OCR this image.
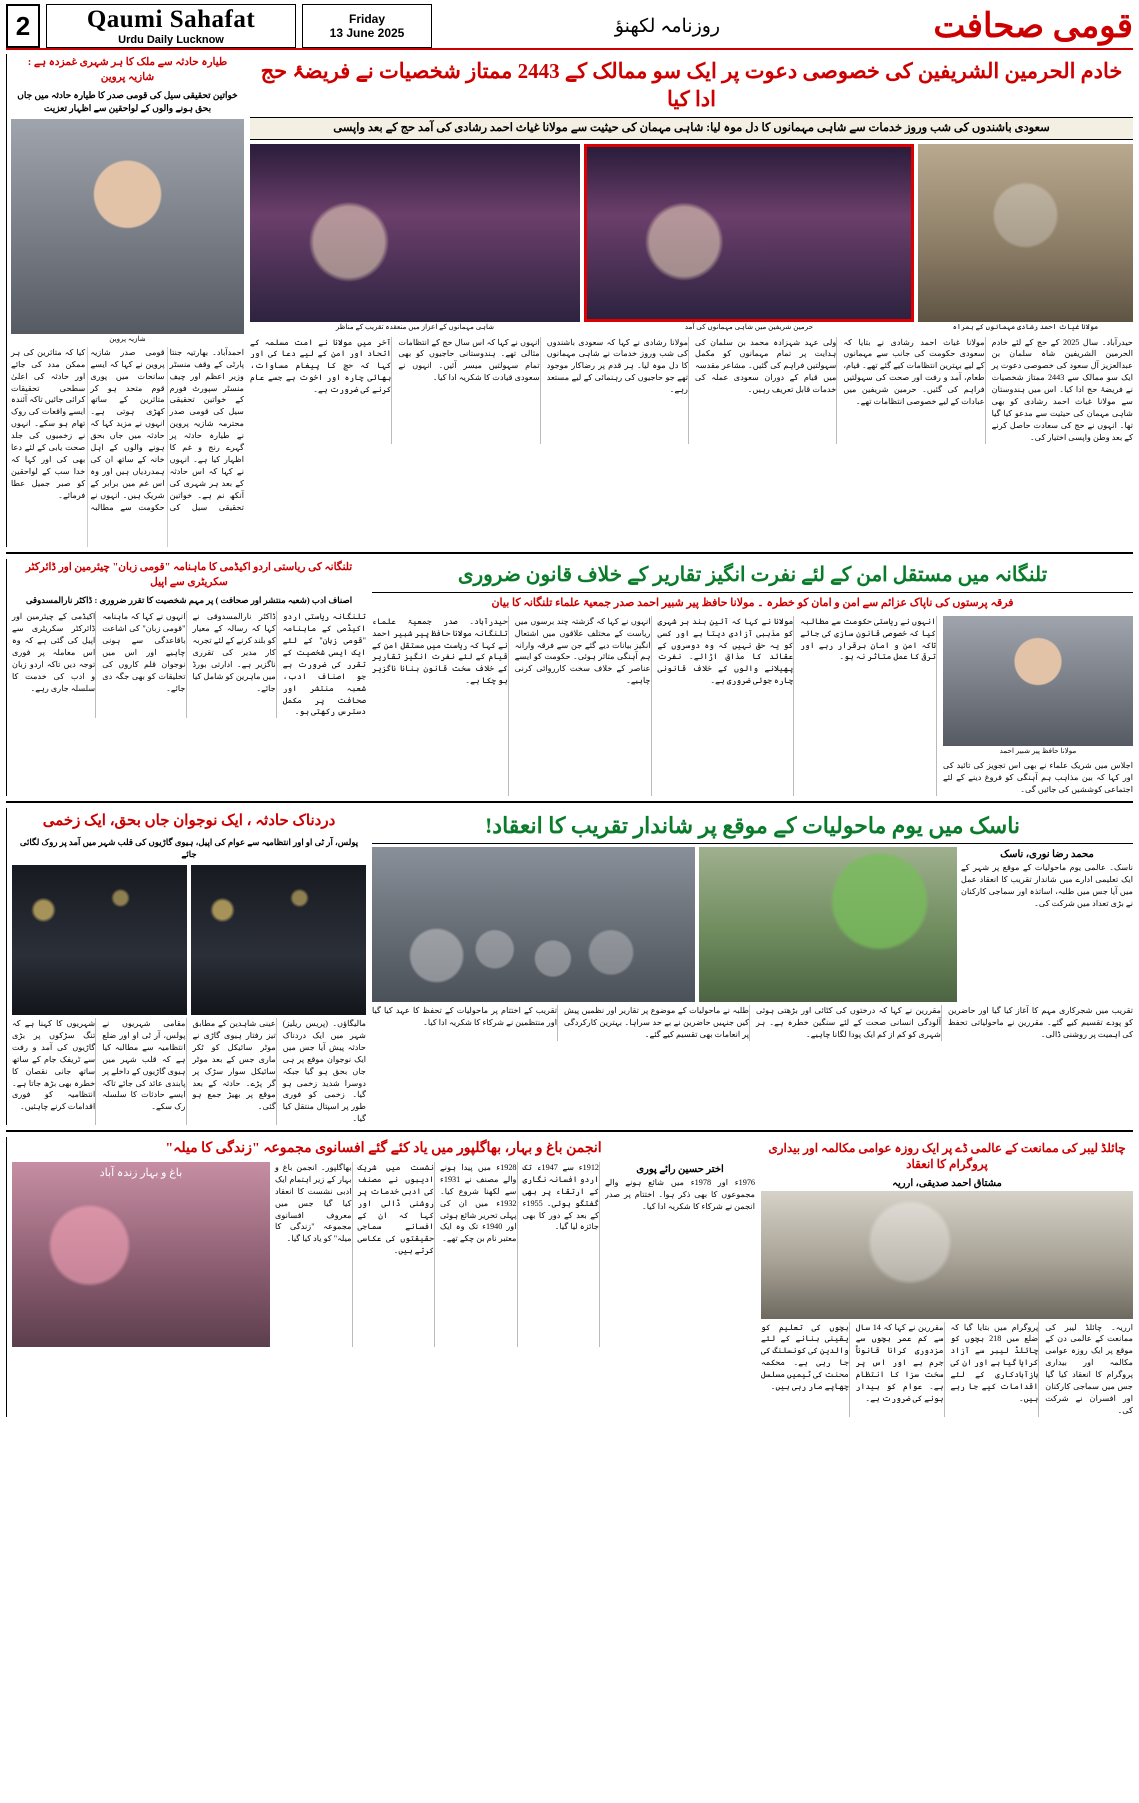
2	Qaumi Sahafat
Urdu Daily Lucknow
Friday
13 June 2025	روزنامہ لکھنؤ	قومی صحافت
خادم الحرمین الشریفین کی خصوصی دعوت پر ایک سو ممالک کے 2443 ممتاز شخصیات نے فریضۂ حج ادا کیا
سعودی باشندوں کی شب وروز خدمات سے شاہی مہمانوں کا دل موہ لیا: شاہی مہمان کی حیثیت سے مولانا غیاث احمد رشادی کی آمد حج کے بعد واپسی
مولانا غیاث احمد رشادی مہمانوں کے ہمراہ
حرمین شریفین میں شاہی مہمانوں کی آمد
شاہی مہمانوں کے اعزاز میں منعقدہ تقریب کے مناظر
حیدرآباد۔ سال 2025 کے حج کے لئے خادم الحرمین الشریفین شاہ سلمان بن عبدالعزیز آل سعود کی خصوصی دعوت پر ایک سو ممالک سے 2443 ممتاز شخصیات نے فریضۂ حج ادا کیا۔ اس میں ہندوستان سے مولانا غیاث احمد رشادی کو بھی شاہی مہمان کی حیثیت سے مدعو کیا گیا تھا۔ انہوں نے حج کی سعادت حاصل کرنے کے بعد وطن واپسی اختیار کی۔
مولانا غیاث احمد رشادی نے بتایا کہ سعودی حکومت کی جانب سے مہمانوں کے لیے بہترین انتظامات کیے گئے تھے۔ قیام، طعام، آمد و رفت اور صحت کی سہولتیں فراہم کی گئیں۔ حرمین شریفین میں عبادات کے لیے خصوصی انتظامات تھے۔
ولی عہد شہزادہ محمد بن سلمان کی ہدایت پر تمام مہمانوں کو مکمل سہولتیں فراہم کی گئیں۔ مشاعر مقدسہ میں قیام کے دوران سعودی عملہ کی خدمات قابل تعریف رہیں۔
مولانا رشادی نے کہا کہ سعودی باشندوں کی شب وروز خدمات نے شاہی مہمانوں کا دل موہ لیا۔ ہر قدم پر رضاکار موجود تھے جو حاجیوں کی رہنمائی کے لیے مستعد رہے۔
انہوں نے کہا کہ اس سال حج کے انتظامات مثالی تھے۔ ہندوستانی حاجیوں کو بھی تمام سہولتیں میسر آئیں۔ انہوں نے سعودی قیادت کا شکریہ ادا کیا۔
آخر میں مولانا نے امت مسلمہ کے اتحاد اور امن کے لیے دعا کی اور کہا کہ حج کا پیغام مساوات، بھائی چارہ اور اخوت ہے جسے عام کرنے کی ضرورت ہے۔
طیارہ حادثہ سے ملک کا ہر شہری غمزدہ ہے : شازیہ پروین
خواتین تحقیقی سیل کی قومی صدر کا طیارہ حادثہ میں جاں بحق ہونے والوں کے لواحقین سے اظہار تعزیت
شازیہ پروین
احمدآباد۔ بھارتیہ جنتا پارٹی کے وقف منسٹر وزیر اعظم اور چیف منسٹر سپورٹ فورم کے خواتین تحقیقی سیل کی قومی صدر محترمہ شازیہ پروین نے طیارہ حادثہ پر گہرے رنج و غم کا اظہار کیا ہے۔ انہوں نے کہا کہ اس حادثہ کے بعد ہر شہری کی آنکھ نم ہے۔ خواتین تحقیقی سیل کی قومی صدر شازیہ پروین نے کہا کہ ایسے سانحات میں پوری قوم متحد ہو کر متاثرین کے ساتھ کھڑی ہوتی ہے۔ انہوں نے مزید کہا کہ حادثہ میں جاں بحق ہونے والوں کے اہل خانہ کے ساتھ ان کی ہمدردیاں ہیں اور وہ اس غم میں برابر کے شریک ہیں۔ انہوں نے حکومت سے مطالبہ کیا کہ متاثرین کی ہر ممکن مدد کی جائے اور حادثہ کی اعلیٰ سطحی تحقیقات کرائی جائیں تاکہ آئندہ ایسے واقعات کی روک تھام ہو سکے۔ انہوں نے زخمیوں کی جلد صحت یابی کے لئے دعا بھی کی اور کہا کہ خدا سب کے لواحقین کو صبر جمیل عطا فرمائے۔
تلنگانہ میں مستقل امن کے لئے نفرت انگیز تقاریر کے خلاف قانون ضروری
فرقہ پرستوں کی ناپاک عزائم سے امن و امان کو خطرہ ۔ مولانا حافظ پیر شبیر احمد صدر جمعیۃ علماء تلنگانہ کا بیان
مولانا حافظ پیر شبیر احمد
اجلاس میں شریک علماء نے بھی اس تجویز کی تائید کی اور کہا کہ بین مذاہب ہم آہنگی کو فروغ دینے کے لئے اجتماعی کوششیں کی جائیں گی۔
انہوں نے ریاستی حکومت سے مطالبہ کیا کہ خصوصی قانون سازی کی جائے تاکہ امن و امان برقرار رہے اور ترقی کا عمل متاثر نہ ہو۔
مولانا نے کہا کہ آئین ہند ہر شہری کو مذہبی آزادی دیتا ہے اور کسی کو یہ حق نہیں کہ وہ دوسروں کے عقائد کا مذاق اڑائے۔ نفرت پھیلانے والوں کے خلاف قانونی چارہ جوئی ضروری ہے۔
انہوں نے کہا کہ گزشتہ چند برسوں میں ریاست کے مختلف علاقوں میں اشتعال انگیز بیانات دیے گئے جن سے فرقہ وارانہ ہم آہنگی متاثر ہوئی۔ حکومت کو ایسے عناصر کے خلاف سخت کارروائی کرنی چاہیے۔
حیدرآباد۔ صدر جمعیۃ علماء تلنگانہ مولانا حافظ پیر شبیر احمد نے کہا کہ ریاست میں مستقل امن کے قیام کے لئے نفرت انگیز تقاریر کے خلاف سخت قانون بنانا ناگزیر ہو چکا ہے۔
تلنگانہ کی ریاستی اردو اکیڈمی کا ماہنامہ "قومی زبان" چیئرمین اور ڈائرکٹر سکریٹری سے اپیل
اصناف ادب (شعبہ منتشر اور صحافت ) پر مہم شخصیت کا تقرر ضروری : ڈاکٹر نارالمسدوقی
تلنگانہ ریاستی اردو اکیڈمی کے ماہنامہ "قومی زبان" کے لئے ایک ایسی شخصیت کے تقرر کی ضرورت ہے جو اصناف ادب، شعبہ منتشر اور صحافت پر مکمل دسترس رکھتی ہو۔
ڈاکٹر نارالمسدوقی نے کہا کہ رسالہ کے معیار کو بلند کرنے کے لئے تجربہ کار مدیر کی تقرری ناگزیر ہے۔ ادارتی بورڈ میں ماہرین کو شامل کیا جائے۔
انہوں نے کہا کہ ماہنامہ "قومی زبان" کی اشاعت باقاعدگی سے ہونی چاہیے اور اس میں نوجوان قلم کاروں کی تخلیقات کو بھی جگہ دی جائے۔
اکیڈمی کے چیئرمین اور ڈائرکٹر سکریٹری سے اپیل کی گئی ہے کہ وہ اس معاملہ پر فوری توجہ دیں تاکہ اردو زبان و ادب کی خدمت کا سلسلہ جاری رہے۔
ناسک میں یوم ماحولیات کے موقع پر شاندار تقریب کا انعقاد!
محمد رضا نوری، ناسک
ناسک۔ عالمی یوم ماحولیات کے موقع پر شہر کے ایک تعلیمی ادارے میں شاندار تقریب کا انعقاد عمل میں آیا جس میں طلبہ، اساتذہ اور سماجی کارکنان نے بڑی تعداد میں شرکت کی۔
تقریب میں شجرکاری مہم کا آغاز کیا گیا اور حاضرین کو پودے تقسیم کیے گئے۔ مقررین نے ماحولیاتی تحفظ کی اہمیت پر روشنی ڈالی۔
مقررین نے کہا کہ درختوں کی کٹائی اور بڑھتی ہوئی آلودگی انسانی صحت کے لئے سنگین خطرہ ہے۔ ہر شہری کو کم از کم ایک پودا لگانا چاہیے۔
طلبہ نے ماحولیات کے موضوع پر تقاریر اور نظمیں پیش کیں جنہیں حاضرین نے بے حد سراہا۔ بہترین کارکردگی پر انعامات بھی تقسیم کیے گئے۔
تقریب کے اختتام پر ماحولیات کے تحفظ کا عہد کیا گیا اور منتظمین نے شرکاء کا شکریہ ادا کیا۔
دردناک حادثہ ، ایک نوجوان جاں بحق، ایک زخمی
پولس، آر ٹی او اور انتظامیہ سے عوام کی اپیل، ہیوی گاڑیوں کی قلب شہر میں آمد پر روک لگائی جائے
مالیگاؤں۔ (پریس ریلیز) شہر میں ایک دردناک حادثہ پیش آیا جس میں ایک نوجوان موقع پر ہی جاں بحق ہو گیا جبکہ دوسرا شدید زخمی ہو گیا۔ زخمی کو فوری طور پر اسپتال منتقل کیا گیا۔
عینی شاہدین کے مطابق تیز رفتار ہیوی گاڑی نے موٹر سائیکل کو ٹکر ماری جس کے بعد موٹر سائیکل سوار سڑک پر گر پڑے۔ حادثہ کے بعد موقع پر بھیڑ جمع ہو گئی۔
مقامی شہریوں نے پولس، آر ٹی او اور ضلع انتظامیہ سے مطالبہ کیا ہے کہ قلب شہر میں ہیوی گاڑیوں کے داخلے پر پابندی عائد کی جائے تاکہ ایسے حادثات کا سلسلہ رک سکے۔
شہریوں کا کہنا ہے کہ تنگ سڑکوں پر بڑی گاڑیوں کی آمد و رفت سے ٹریفک جام کے ساتھ ساتھ جانی نقصان کا خطرہ بھی بڑھ جاتا ہے۔ انتظامیہ کو فوری اقدامات کرنے چاہئیں۔
چائلڈ لیبر کی ممانعت کے عالمی ڈے پر ایک روزہ عوامی مکالمہ اور بیداری پروگرام کا انعقاد
مشتاق احمد صدیقی، ارریہ
ارریہ۔ چائلڈ لیبر کی ممانعت کے عالمی دن کے موقع پر ایک روزہ عوامی مکالمہ اور بیداری پروگرام کا انعقاد کیا گیا جس میں سماجی کارکنان اور افسران نے شرکت کی۔
پروگرام میں بتایا گیا کہ ضلع میں 218 بچوں کو چائلڈ لیبر سے آزاد کرایا گیا ہے اور ان کی بازآبادکاری کے لئے اقدامات کیے جا رہے ہیں۔
مقررین نے کہا کہ 14 سال سے کم عمر بچوں سے مزدوری کرانا قانوناً جرم ہے اور اس پر سخت سزا کا انتظام ہے۔ عوام کو بیدار ہونے کی ضرورت ہے۔
بچوں کی تعلیم کو یقینی بنانے کے لئے والدین کی کونسلنگ کی جا رہی ہے۔ محکمہ محنت کی ٹیمیں مسلسل چھاپے مار رہی ہیں۔
انجمن باغ و بہار، بھاگلپور میں یاد کئے گئے افسانوی مجموعہ "زندگی کا میلہ"
اختر حسین رائے پوری
1976ء اور 1978ء میں شائع ہونے والے مجموعوں کا بھی ذکر ہوا۔ اختتام پر صدر انجمن نے شرکاء کا شکریہ ادا کیا۔
1912ء سے 1947ء تک اردو افسانہ نگاری کے ارتقاء پر بھی گفتگو ہوئی۔ 1955ء کے بعد کے دور کا بھی جائزہ لیا گیا۔
1928ء میں پیدا ہونے والے مصنف نے 1931ء سے لکھنا شروع کیا۔ 1932ء میں ان کی پہلی تحریر شائع ہوئی اور 1940ء تک وہ ایک معتبر نام بن چکے تھے۔
نشست میں شریک ادیبوں نے مصنف کی ادبی خدمات پر روشنی ڈالی اور کہا کہ ان کے افسانے سماجی حقیقتوں کی عکاسی کرتے ہیں۔
بھاگلپور۔ انجمن باغ و بہار کے زیر اہتمام ایک ادبی نشست کا انعقاد کیا گیا جس میں معروف افسانوی مجموعہ "زندگی کا میلہ" کو یاد کیا گیا۔
باغ و بہار زندہ آباد
